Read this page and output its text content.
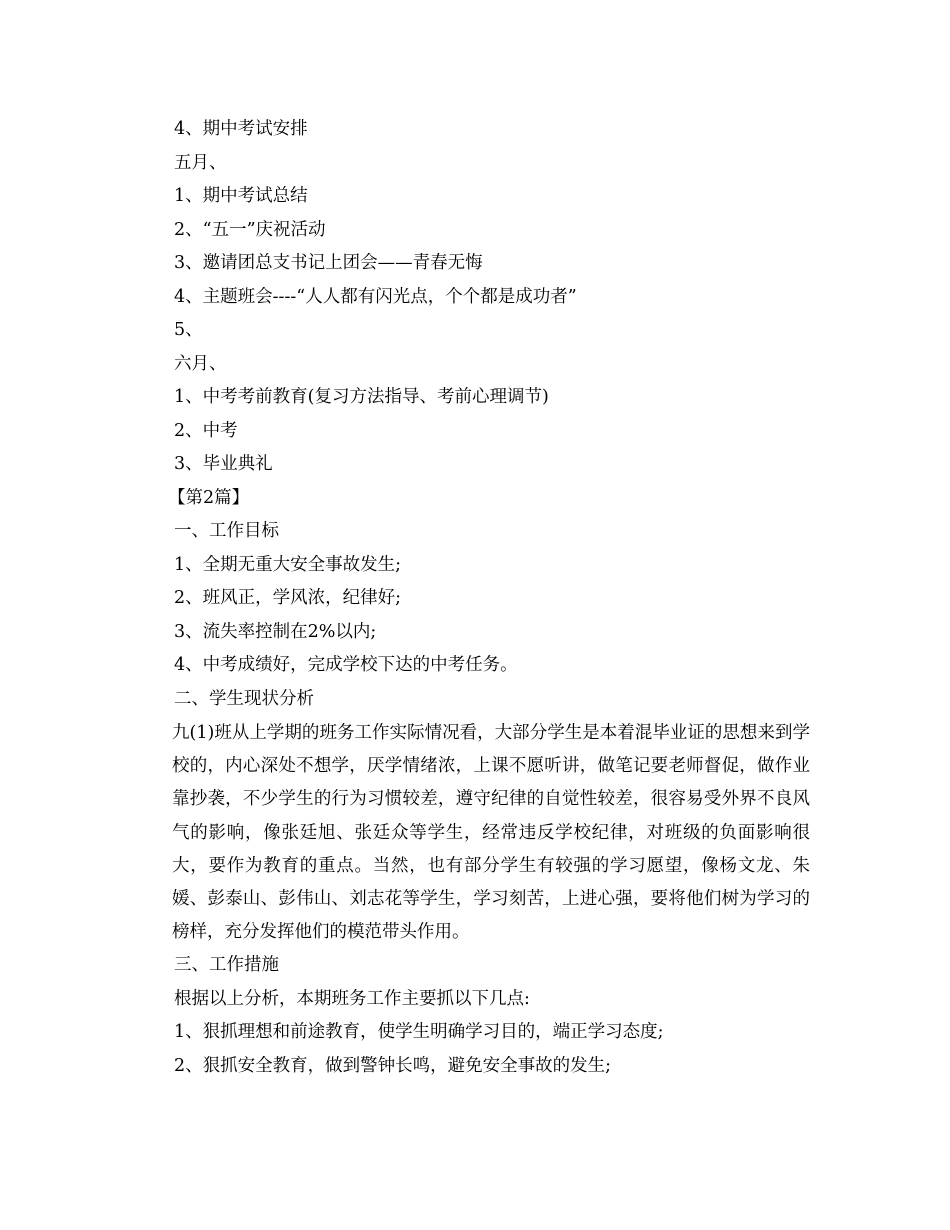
4、期中考试安排
五月、
1、期中考试总结
2、“五一”庆祝活动
3、邀请团总支书记上团会——青春无悔
4、主题班会----“人人都有闪光点，个个都是成功者”
5、
六月、
1、中考考前教育(复习方法指导、考前心理调节)
2、中考
3、毕业典礼
【第2篇】
一、工作目标
1、全期无重大安全事故发生;
2、班风正，学风浓，纪律好;
3、流失率控制在2%以内;
4、中考成绩好，完成学校下达的中考任务。
二、学生现状分析

九(1)班从上学期的班务工作实际情况看，大部分学生是本着混毕业证的思想来到学校的，内心深处不想学，厌学情绪浓，上课不愿听讲，做笔记要老师督促，做作业靠抄袭，不少学生的行为习惯较差，遵守纪律的自觉性较差，很容易受外界不良风气的影响，像张廷旭、张廷众等学生，经常违反学校纪律，对班级的负面影响很大，要作为教育的重点。当然，也有部分学生有较强的学习愿望，像杨文龙、朱媛、彭泰山、彭伟山、刘志花等学生，学习刻苦，上进心强，要将他们树为学习的榜样，充分发挥他们的模范带头作用。

三、工作措施
根据以上分析，本期班务工作主要抓以下几点:
1、狠抓理想和前途教育，使学生明确学习目的，端正学习态度;
2、狠抓安全教育，做到警钟长鸣，避免安全事故的发生;
